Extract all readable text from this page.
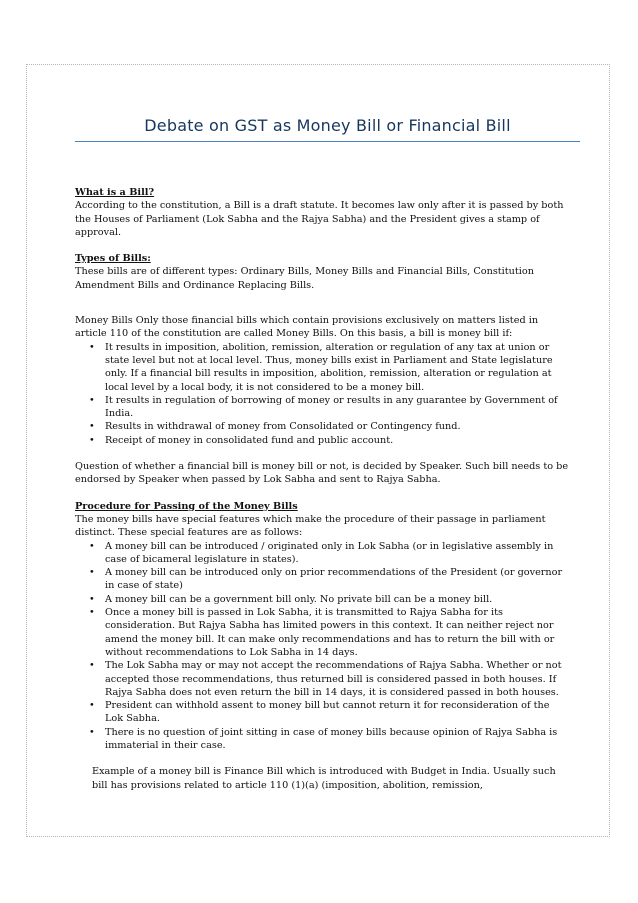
Debate on GST as Money Bill or Financial Bill

What is a Bill?

According to the constitution, a Bill is a draft statute. It becomes law only after it is passed by both the Houses of Parliament (Lok Sabha and the Rajya Sabha) and the President gives a stamp of approval.

Types of Bills:

These bills are of different types: Ordinary Bills, Money Bills and Financial Bills, Constitution Amendment Bills and Ordinance Replacing Bills.

Money Bills Only those financial bills which contain provisions exclusively on matters listed in article 110 of the constitution are called Money Bills. On this basis, a bill is money bill if:

• It results in imposition, abolition, remission, alteration or regulation of any tax at union or state level but not at local level. Thus, money bills exist in Parliament and State legislature only. If a financial bill results in imposition, abolition, remission, alteration or regulation at local level by a local body, it is not considered to be a money bill.
• It results in regulation of borrowing of money or results in any guarantee by Government of India.
• Results in withdrawal of money from Consolidated or Contingency fund.
• Receipt of money in consolidated fund and public account.

Question of whether a financial bill is money bill or not, is decided by Speaker. Such bill needs to be endorsed by Speaker when passed by Lok Sabha and sent to Rajya Sabha.

Procedure for Passing of the Money Bills

The money bills have special features which make the procedure of their passage in parliament distinct. These special features are as follows:

• A money bill can be introduced / originated only in Lok Sabha (or in legislative assembly in case of bicameral legislature in states).
• A money bill can be introduced only on prior recommendations of the President (or governor in case of state)
• A money bill can be a government bill only. No private bill can be a money bill.
• Once a money bill is passed in Lok Sabha, it is transmitted to Rajya Sabha for its consideration. But Rajya Sabha has limited powers in this context. It can neither reject nor amend the money bill. It can make only recommendations and has to return the bill with or without recommendations to Lok Sabha in 14 days.
• The Lok Sabha may or may not accept the recommendations of Rajya Sabha. Whether or not accepted those recommendations, thus returned bill is considered passed in both houses. If Rajya Sabha does not even return the bill in 14 days, it is considered passed in both houses.
• President can withhold assent to money bill but cannot return it for reconsideration of the Lok Sabha.
• There is no question of joint sitting in case of money bills because opinion of Rajya Sabha is immaterial in their case.

Example of a money bill is Finance Bill which is introduced with Budget in India. Usually such bill has provisions related to article 110 (1)(a) (imposition, abolition, remission,
